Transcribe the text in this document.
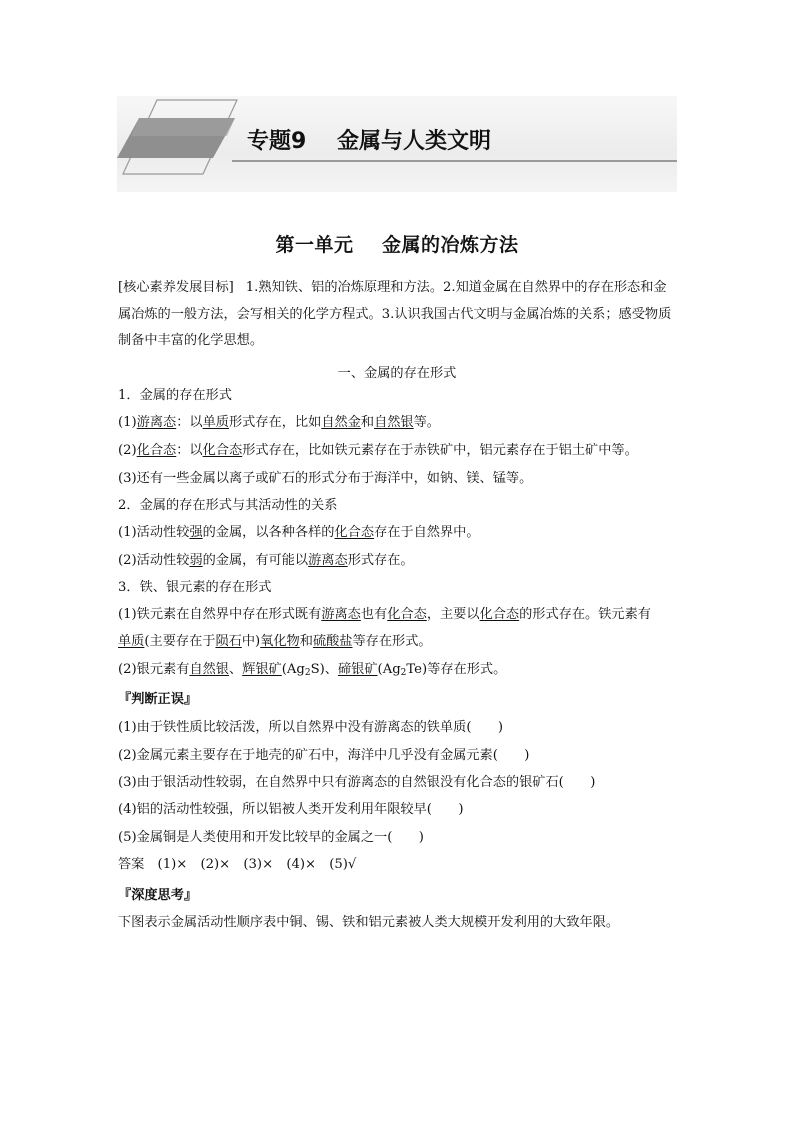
Section  9	专题9    金属与人类文明
第一单元    金属的冶炼方法
[核心素养发展目标] 1.熟知铁、铝的冶炼原理和方法。2.知道金属在自然界中的存在形态和金属冶炼的一般方法，会写相关的化学方程式。3.认识我国古代文明与金属冶炼的关系；感受物质制备中丰富的化学思想。
一、金属的存在形式
1．金属的存在形式
(1)游离态：以单质形式存在，比如自然金和自然银等。
(2)化合态：以化合态形式存在，比如铁元素存在于赤铁矿中，铝元素存在于铝土矿中等。
(3)还有一些金属以离子或矿石的形式分布于海洋中，如钠、镁、锰等。
2．金属的存在形式与其活动性的关系
(1)活动性较强的金属，以各种各样的化合态存在于自然界中。
(2)活动性较弱的金属，有可能以游离态形式存在。
3．铁、银元素的存在形式
(1)铁元素在自然界中存在形式既有游离态也有化合态，主要以化合态的形式存在。铁元素有
单质(主要存在于陨石中)氧化物和硫酸盐等存在形式。
(2)银元素有自然银、辉银矿$(Ag_2S)$、碲银矿$(Ag_2Te)$等存在形式。
『判断正误』
(1)由于铁性质比较活泼，所以自然界中没有游离态的铁单质(　　)
(2)金属元素主要存在于地壳的矿石中，海洋中几乎没有金属元素(　　)
(3)由于银活动性较弱，在自然界中只有游离态的自然银没有化合态的银矿石(　　)
(4)铝的活动性较强，所以铝被人类开发利用年限较早(　　)
(5)金属铜是人类使用和开发比较早的金属之一(　　)
答案　(1)×　(2)×　(3)×　(4)×　(5)√
『深度思考』
下图表示金属活动性顺序表中铜、锡、铁和铝元素被人类大规模开发利用的大致年限。
